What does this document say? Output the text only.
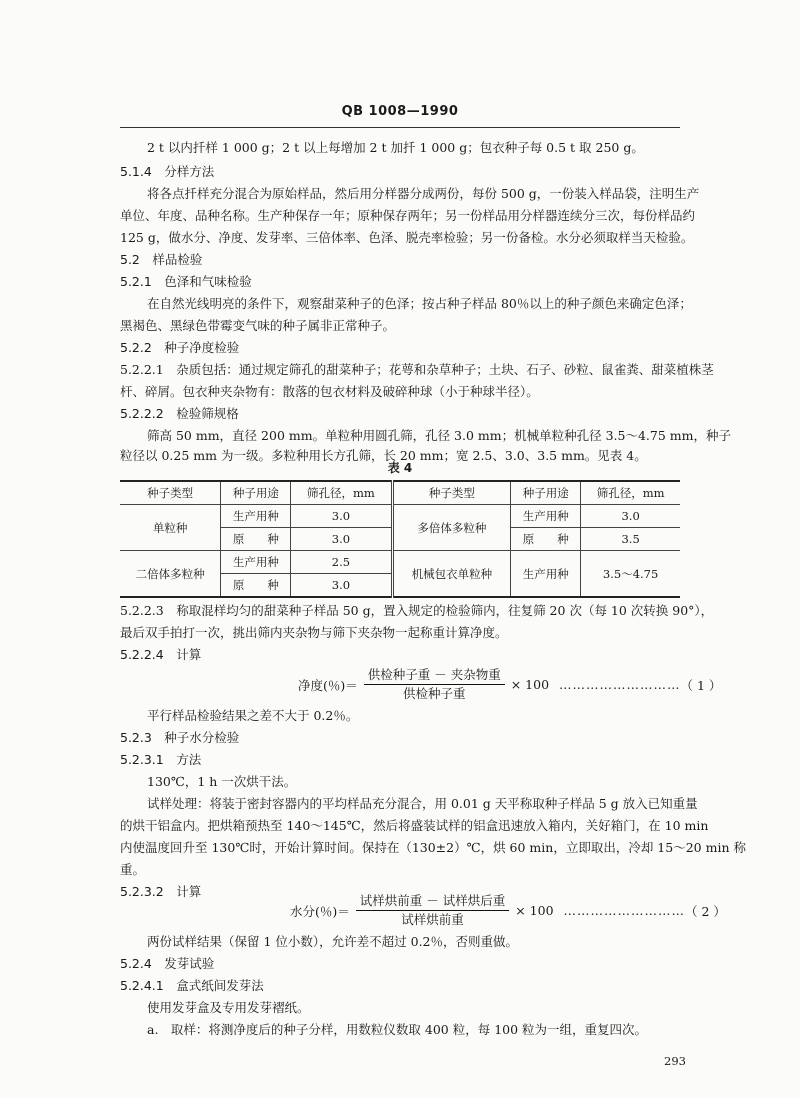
QB 1008—1990
2 t 以内扦样 1 000 g；2 t 以上每增加 2 t 加扦 1 000 g；包衣种子每 0.5 t 取 250 g。
5.1.4　分样方法
将各点扦样充分混合为原始样品，然后用分样器分成两份，每份 500 g，一份装入样品袋，注明生产
单位、年度、品种名称。生产种保存一年；原种保存两年；另一份样品用分样器连续分三次，每份样品约
125 g，做水分、净度、发芽率、三倍体率、色泽、脱壳率检验；另一份备检。水分必须取样当天检验。
5.2　样品检验
5.2.1　色泽和气味检验
在自然光线明亮的条件下，观察甜菜种子的色泽；按占种子样品 80％以上的种子颜色来确定色泽；
黑褐色、黑绿色带霉变气味的种子属非正常种子。
5.2.2　种子净度检验
5.2.2.1　杂质包括：通过规定筛孔的甜菜种子；花萼和杂草种子；土块、石子、砂粒、鼠雀粪、甜菜植株茎
杆、碎屑。包衣种夹杂物有：散落的包衣材料及破碎种球（小于种球半径）。
5.2.2.2　检验筛规格
筛高 50 mm，直径 200 mm。单粒种用圆孔筛，孔径 3.0 mm；机械单粒种孔径 3.5～4.75 mm，种子
粒径以 0.25 mm 为一级。多粒种用长方孔筛，长 20 mm；宽 2.5、3.0、3.5 mm。见表 4。
表 4
种子类型	种子用途	筛孔径，mm	种子类型	种子用途	筛孔径，mm
单粒种	生产用种	3.0	多倍体多粒种	生产用种	3.0
	原　　种	3.0		原　　种	3.5
二倍体多粒种	生产用种	2.5	机械包衣单粒种	生产用种	3.5～4.75
	原　　种	3.0			
5.2.2.3　称取混样均匀的甜菜种子样品 50 g，置入规定的检验筛内，往复筛 20 次（每 10 次转换 90°），
最后双手拍打一次，挑出筛内夹杂物与筛下夹杂物一起称重计算净度。
5.2.2.4　计算
净度(％)＝ $\frac{\text{供检种子重 － 夹杂物重}}{\text{供检种子重}} \times 100$ ……………………… （ 1 ）
平行样品检验结果之差不大于 0.2％。
5.2.3　种子水分检验
5.2.3.1　方法
130℃，1 h 一次烘干法。
试样处理：将装于密封容器内的平均样品充分混合，用 0.01 g 天平称取种子样品 5 g 放入已知重量
的烘干铝盒内。把烘箱预热至 140～145℃，然后将盛装试样的铝盒迅速放入箱内，关好箱门，在 10 min
内使温度回升至 130℃时，开始计算时间。保持在（130±2）℃，烘 60 min，立即取出，冷却 15～20 min 称
重。
5.2.3.2　计算
水分(％)＝ $\frac{\text{试样烘前重 － 试样烘后重}}{\text{试样烘前重}} \times 100$ ……………………… （ 2 ）
两份试样结果（保留 1 位小数），允许差不超过 0.2％，否则重做。
5.2.4　发芽试验
5.2.4.1　盒式纸间发芽法
使用发芽盒及专用发芽褶纸。
a.　取样：将测净度后的种子分样，用数粒仪数取 400 粒，每 100 粒为一组，重复四次。
293
